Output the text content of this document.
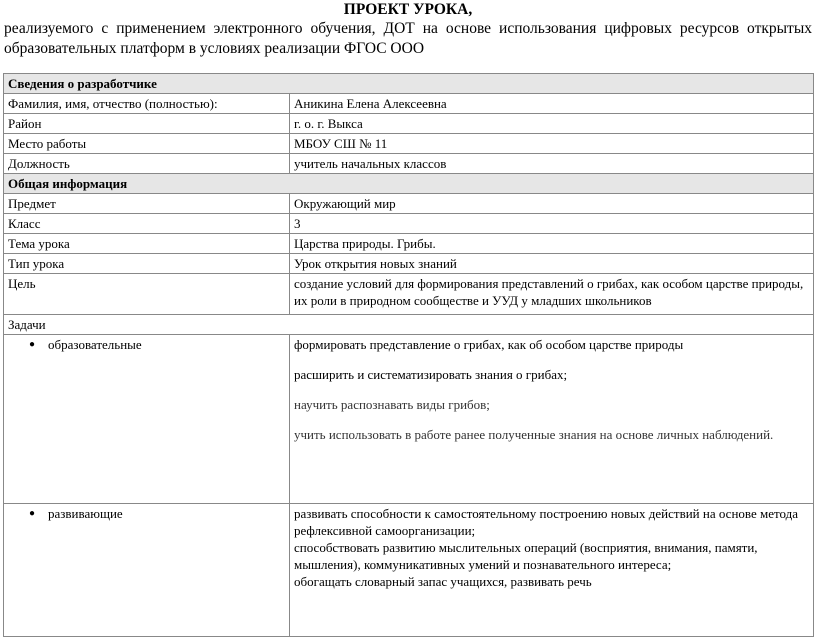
ПРОЕКТ УРОКА,
реализуемого с применением электронного обучения, ДОТ на основе использования цифровых ресурсов открытых
образовательных платформ в условиях реализации ФГОС ООО
Сведения о разработчике	
Фамилия, имя, отчество (полностью):	Аникина Елена Алексеевна
Район	г. о. г. Выкса
Место работы	МБОУ СШ № 11
Должность	учитель начальных классов
Общая информация	
Предмет	Окружающий мир
Класс	3
Тема урока	Царства природы. Грибы.
Тип урока	Урок открытия новых знаний
Цель	создание условий для формирования представлений о грибах, как особом царстве природы, их роли в природном сообществе и УУД у младших школьников
Задачи	

● образовательные	формировать представление о грибах, как об особом царстве природы
расширить и систематизировать знания о грибах;
научить распознавать виды грибов;
учить использовать в работе ранее полученные знания на основе личных наблюдений.

● развивающие	развивать способности к самостоятельному построению новых действий на основе метода рефлексивной самоорганизации;
способствовать развитию мыслительных операций (восприятия, внимания, памяти, мышления), коммуникативных умений и познавательного интереса;
обогащать словарный запас учащихся, развивать речь
